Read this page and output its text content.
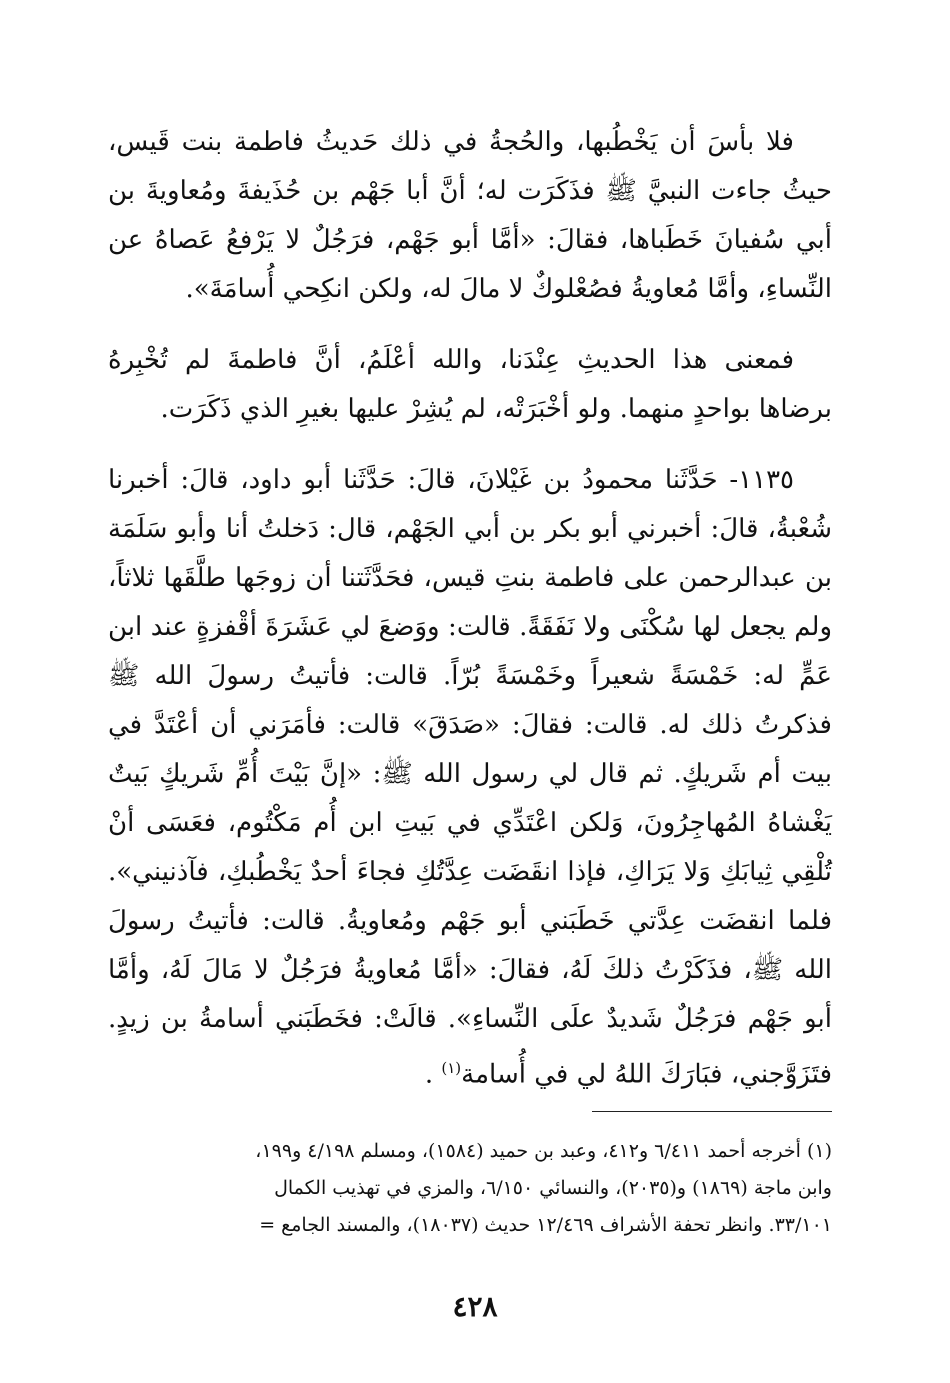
فلا بأسَ أن يَخْطُبها، والحُجةُ في ذلك حَديثُ فاطمة بنت قَيس، حيثُ جاءت النبيَّ ﷺ فذَكَرَت له؛ أنَّ أبا جَهْم بن حُذَيفةَ ومُعاويةَ بن أبي سُفيانَ خَطَباها، فقالَ: «أمَّا أبو جَهْم، فرَجُلٌ لا يَرْفعُ عَصاهُ عن النِّساءِ، وأمَّا مُعاويةُ فصُعْلوكٌ لا مالَ له، ولكن انكِحي أُسامَةَ».

فمعنى هذا الحديثِ عِنْدَنا، والله أعْلَمُ، أنَّ فاطمةَ لم تُخْبِرهُ برضاها بواحدٍ منهما. ولو أخْبَرَتْه، لم يُشِرْ عليها بغيرِ الذي ذَكَرَت.

١١٣٥- حَدَّثَنا محمودُ بن غَيْلانَ، قالَ: حَدَّثَنا أبو داود، قالَ: أخبرنا شُعْبةُ، قالَ: أخبرني أبو بكر بن أبي الجَهْم، قال: دَخلتُ أنا وأبو سَلَمَة بن عبدالرحمن على فاطمة بنتِ قيس، فحَدَّثَتنا أن زوجَها طلَّقَها ثلاثاً، ولم يجعل لها سُكْنَى ولا نَفَقَةً. قالت: ووَضعَ لي عَشَرَةَ أقْفزةٍ عند ابن عَمٍّ له: خَمْسَةً شعيراً وخَمْسَةً بُرّاً. قالت: فأتيتُ رسولَ الله ﷺ فذكرتُ ذلك له. قالت: فقالَ: «صَدَقَ» قالت: فأمَرَني أن أعْتَدَّ في بيت أم شَريكٍ. ثم قال لي رسول الله ﷺ: «إنَّ بَيْتَ أُمِّ شَريكٍ بَيتٌ يَغْشاهُ المُهاجِرُونَ، وَلكن اعْتَدِّي في بَيتِ ابن أُم مَكْتُوم، فعَسَى أنْ تُلْقِي ثِيابَكِ وَلا يَرَاكِ، فإذا انقَضَت عِدَّتُكِ فجاءَ أحدٌ يَخْطُبكِ، فآذنيني». فلما انقضَت عِدَّتي خَطَبَني أبو جَهْم ومُعاويةُ. قالت: فأتيتُ رسولَ الله ﷺ، فذَكَرْتُ ذلكَ لَهُ، فقالَ: «أمَّا مُعاويةُ فرَجُلٌ لا مَالَ لَهُ، وأمَّا أبو جَهْم فرَجُلٌ شَديدٌ علَى النِّساءِ». قالَتْ: فخَطَبَني أسامةُ بن زيدٍ. فتَزَوَّجني، فبَارَكَ اللهُ لي في أُسامة$^{(١)}$ .

(١) أخرجه أحمد ٦/٤١١ و٤١٢، وعبد بن حميد (١٥٨٤)، ومسلم ٤/١٩٨ و١٩٩،

وابن ماجة (١٨٦٩) و(٢٠٣٥)، والنسائي ٦/١٥٠، والمزي في تهذيب الكمال

٣٣/١٠١. وانظر تحفة الأشراف ١٢/٤٦٩ حديث (١٨٠٣٧)، والمسند الجامع =

٤٢٨
